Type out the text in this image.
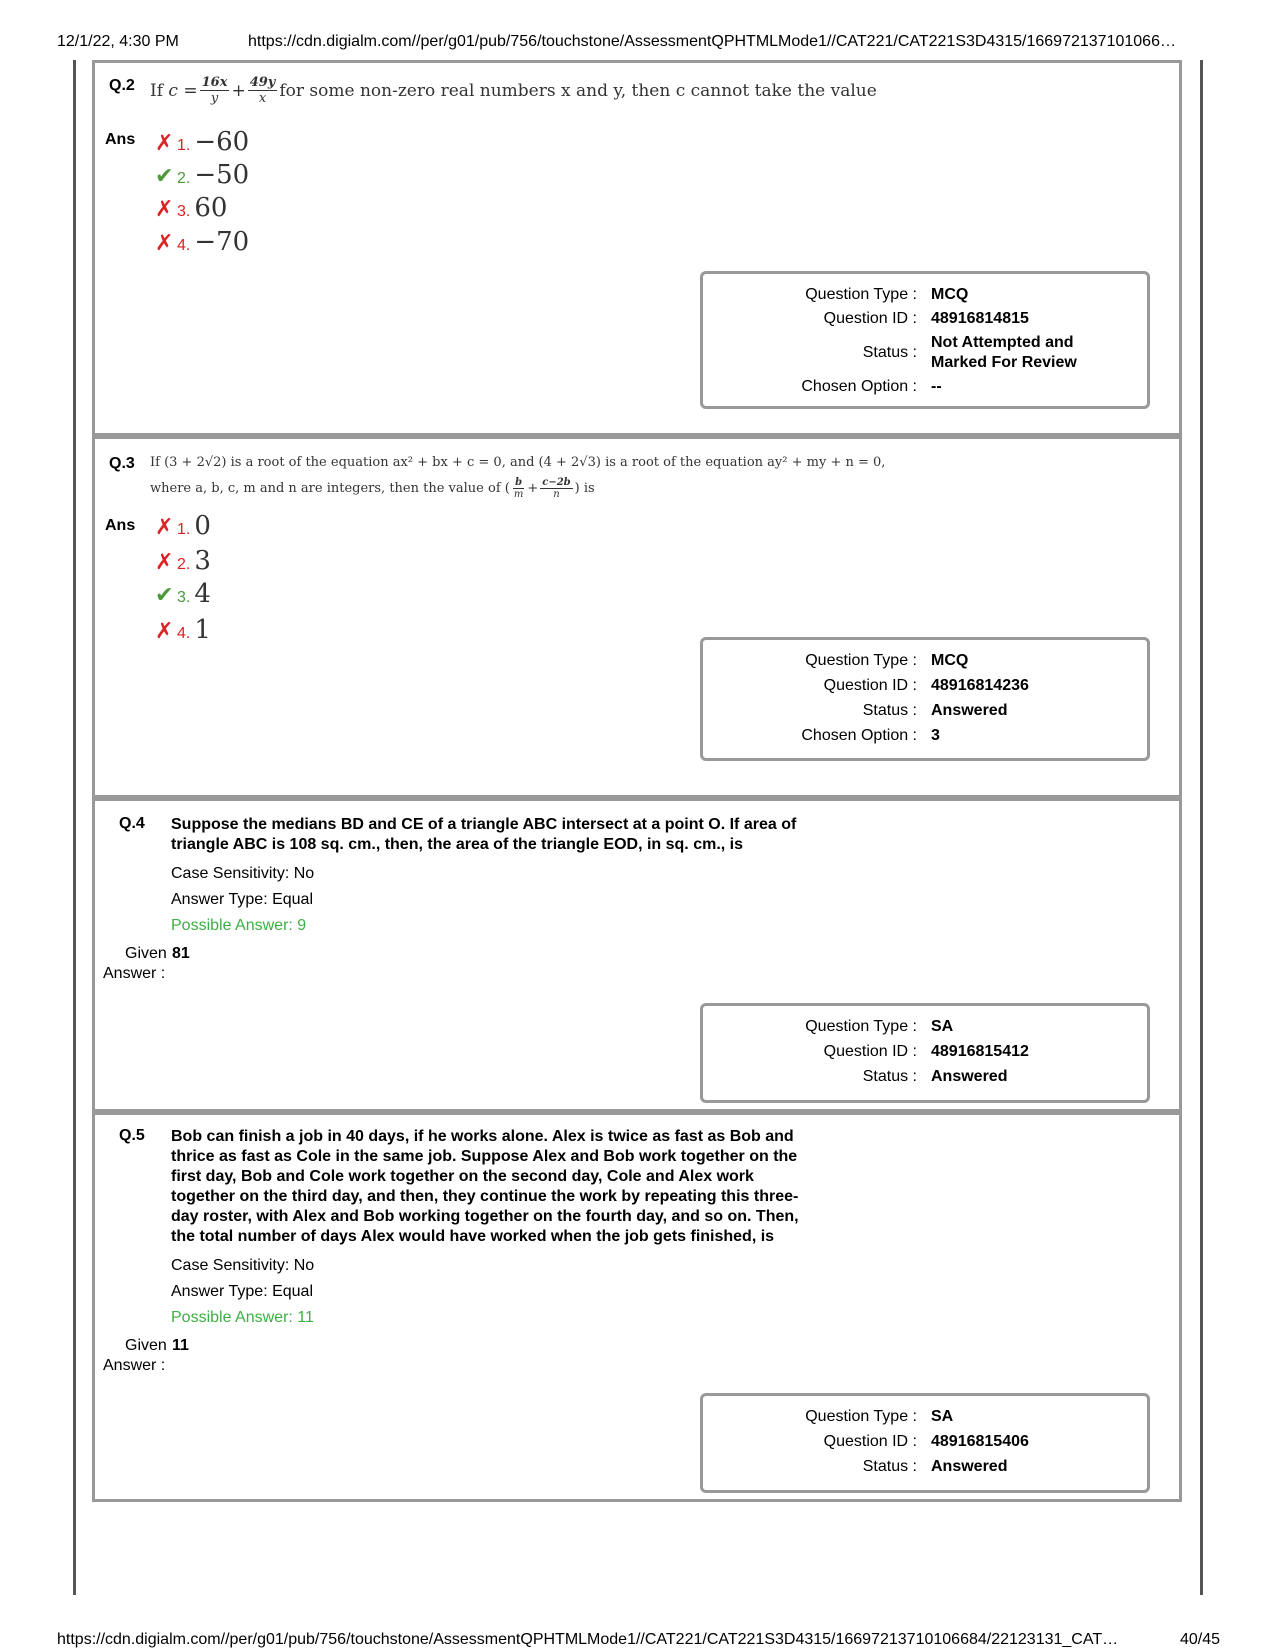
12/1/22, 4:30 PM	https://cdn.digialm.com//per/g01/pub/756/touchstone/AssessmentQPHTMLMode1//CAT221/CAT221S3D4315/166972137101066…
https://cdn.digialm.com//per/g01/pub/756/touchstone/AssessmentQPHTMLMode1//CAT221/CAT221S3D4315/16697213710106684/22123131_CAT…	40/45
Q.2 If
c
= $\frac{16x}{y} + \frac{49y}{x}$ for some non-zero real numbers x and y, then c cannot take the value
Ans ✗ 1. −60
✔ 2. −50
✗ 3. 60
✗ 4. −70
Question Type : MCQ
Question ID : 48916814815
Status :
Not Attempted and
Marked For Review
Chosen Option : --
Q.3 If (3 + 2√2) is a root of the equation ax² + bx + c = 0, and (4 + 2√3) is a root of the equation ay² + my + n = 0,
where a, b, c, m and n are integers, then the value of ( $\frac{b}{m} + \frac{c-2b}{n}$ ) is
Ans ✗ 1. 0
✗ 2. 3
✔ 3. 4
✗ 4. 1
Question Type : MCQ
Question ID : 48916814236
Status : Answered
Chosen Option : 3
Q.4 Suppose the medians BD and CE of a triangle ABC intersect at a point O. If area of
triangle ABC is 108 sq. cm., then, the area of the triangle EOD, in sq. cm., is
Case Sensitivity: No
Answer Type: Equal
Possible Answer: 9
Given 81
Answer :
Question Type : SA
Question ID : 48916815412
Status : Answered
Q.5 Bob can finish a job in 40 days, if he works alone. Alex is twice as fast as Bob and
thrice as fast as Cole in the same job. Suppose Alex and Bob work together on the
first day, Bob and Cole work together on the second day, Cole and Alex work
together on the third day, and then, they continue the work by repeating this three-
day roster, with Alex and Bob working together on the fourth day, and so on. Then,
the total number of days Alex would have worked when the job gets finished, is
Case Sensitivity: No
Answer Type: Equal
Possible Answer: 11
Given 11
Answer :
Question Type : SA
Question ID : 48916815406
Status : Answered
